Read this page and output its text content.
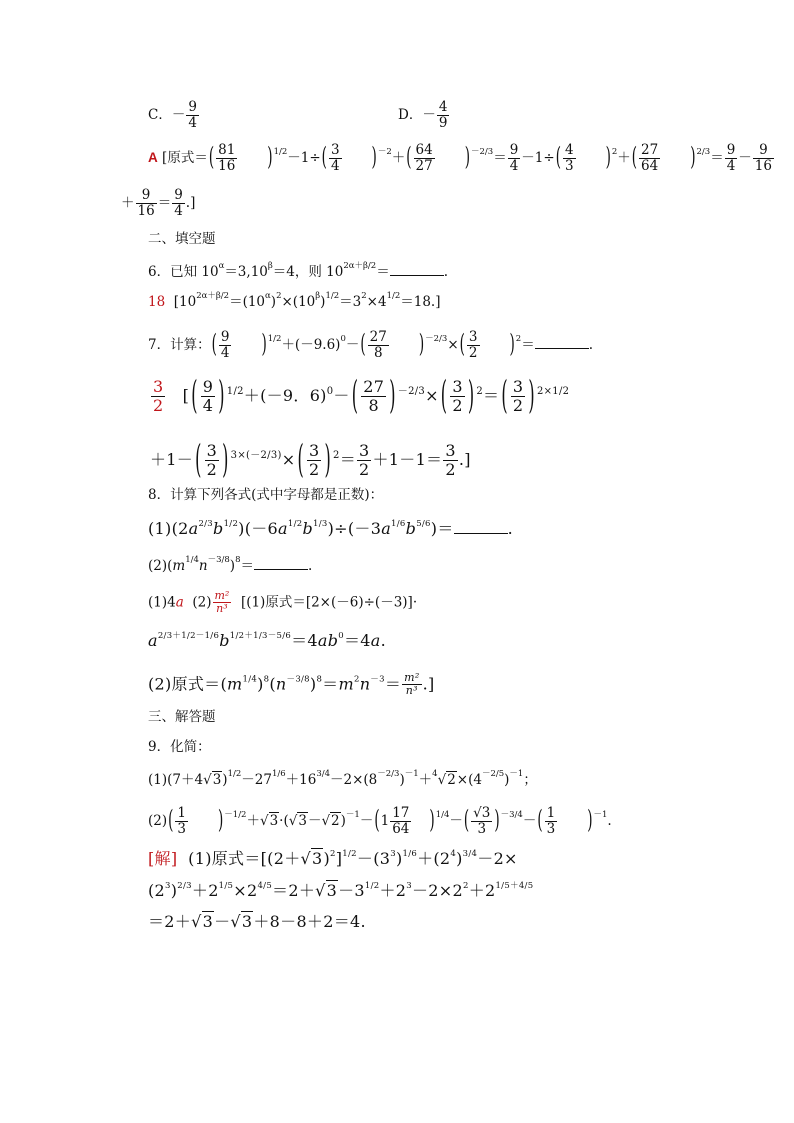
C．－ $\frac{9}{4}$	D．－ $\frac{4}{9}$
A [原式＝( $\frac{81}{16} )^{1/2}-1\div( \frac{3}{4} )^{-2}+( \frac{64}{27} )^{-2/3}= \frac{9}{4} -1\div( \frac{4}{3} )^2+( \frac{27}{64} )^{2/3}= \frac{9}{4} - \frac{9}{16}$
＋ $\frac{9}{16} = \frac{9}{4}$ .]
二、填空题
6．已知 $10^\alpha=3,10^\beta=4$，则 $10^{2\alpha+\beta/2}=$	.
18 $[10^{2\alpha+\beta/2}=(10^\alpha)^2\times(10^\beta)^{1/2}=3^2\times 4^{1/2}=18.]$
7．计算：( $\frac{9}{4} )^{1/2}+(-9.6)^0-( \frac{27}{8} )^{-2/3}\times( \frac{3}{2} )^2=$	.
$\frac{3}{2}$ [ ( $\frac{9}{4}$ ) $^{1/2}$＋(－9．6)$^0$－ ( $\frac{27}{8}$ ) $^{-2/3}$× ( $\frac{3}{2}$ ) $^2$＝ ( $\frac{3}{2}$ ) $^{2\times 1/2}$
＋1－ ( $\frac{3}{2}$ ) $^{3\times(-2/3)}$× ( $\frac{3}{2}$ ) $^2= \frac{3}{2} +1-1= \frac{3}{2}$ .]
8．计算下列各式(式中字母都是正数)：
$(1)(2a^{2/3}b^{1/2})(-6a^{1/2}b^{1/3})\div(-3a^{1/6}b^{5/6})=$	.
$(2)(m^{1/4}n^{-3/8})^8=$	.
(1)4a $(2) \frac{\text{m²}}{\text{n³}} [(1)$原式＝[2×(－6)÷(－3)]·
$a^{2/3+1/2-1/6}b^{1/2+1/3-5/6}=4ab^0=4a$.
(2)原式$=(m^{1/4})^8(n^{-3/8})^8=m^2n^{-3}= \frac{\text{m²}}{\text{n³}}$ .]
三、解答题
9．化简：
$(1)(7+4√3)^{1/2}-27^{1/6}+16^{3/4}-2\times(8^{-2/3})^{-1}+^4√2\times(4^{-2/5})^{-1}$；
$(2)( \frac{1}{3} )^{-1/2}+√3\cdot(√3-√2)^{-1}-(1 \frac{17}{64} )^{1/4}-( \frac{√3}{3} )^{-3/4}-( \frac{1}{3} )^{-1}$.
[解] (1)原式$=[(2+√3)^2]^{1/2}-(3^3)^{1/6}+(2^4)^{3/4}-2\times$
$(2^3)^{2/3}+2^{1/5}\times 2^{4/5}=2+√3-3^{1/2}+2^3-2\times 2^2+2^{1/5+4/5}$
＝2＋√3－√3＋8－8＋2＝4.
